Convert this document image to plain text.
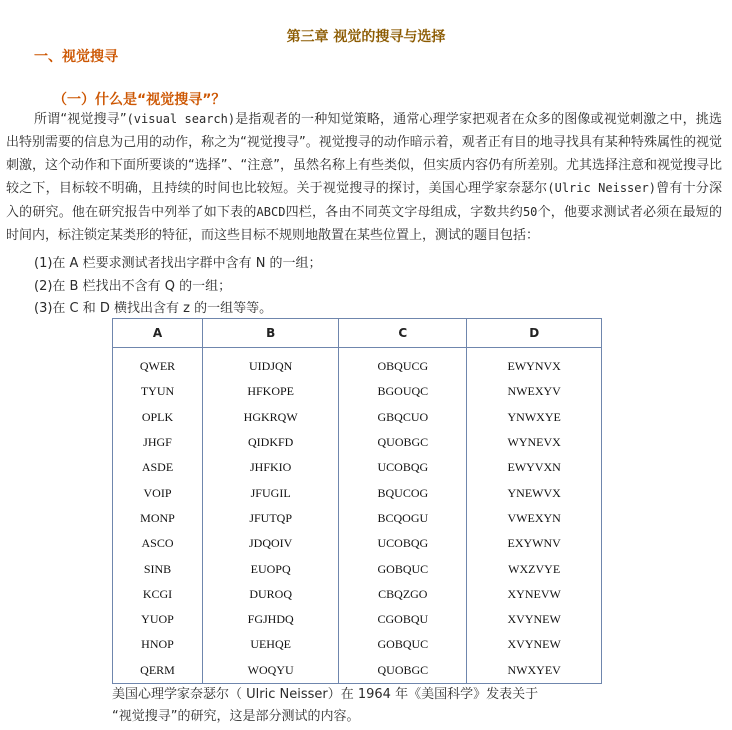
第三章 视觉的搜寻与选择
一、视觉搜寻
（一）什么是“视觉搜寻”？
所谓“视觉搜寻”(visual search)是指观者的一种知觉策略，通常心理学家把观者在众多的图像或视觉刺激之中，挑选出特别需要的信息为己用的动作，称之为“视觉搜寻”。视觉搜寻的动作暗示着，观者正有目的地寻找具有某种特殊属性的视觉刺激，这个动作和下面所要谈的“选择”、“注意”，虽然名称上有些类似，但实质内容仍有所差别。尤其选择注意和视觉搜寻比较之下，目标较不明确，且持续的时间也比较短。关于视觉搜寻的探讨，美国心理学家奈瑟尔(Ulric Neisser)曾有十分深入的研究。他在研究报告中列举了如下表的ABCD四栏，各由不同英文字母组成，字数共约50个，他要求测试者必须在最短的时间内，标注锁定某类形的特征，而这些目标不规则地散置在某些位置上，测试的题目包括：
(1)在 A 栏要求测试者找出字群中含有 N 的一组；
(2)在 B 栏找出不含有 Q 的一组；
(3)在 C 和 D 横找出含有 z 的一组等等。
A	B	C	D
QWER	UIDJQN	OBQUCG	EWYNVX
TYUN	HFKOPE	BGOUQC	NWEXYV
OPLK	HGKRQW	GBQCUO	YNWXYE
JHGF	QIDKFD	QUOBGC	WYNEVX
ASDE	JHFKIO	UCOBQG	EWYVXN
VOIP	JFUGIL	BQUCOG	YNEWVX
MONP	JFUTQP	BCQOGU	VWEXYN
ASCO	JDQOIV	UCOBQG	EXYWNV
SINB	EUOPQ	GOBQUC	WXZVYE
KCGI	DUROQ	CBQZGO	XYNEVW
YUOP	FGJHDQ	CGOBQU	XVYNEW
HNOP	UEHQE	GOBQUC	XVYNEW
QERM	WOQYU	QUOBGC	NWXYEV
美国心理学家奈瑟尔（ Ulric Neisser）在 1964 年《美国科学》发表关于
“视觉搜寻”的研究，这是部分测试的内容。
